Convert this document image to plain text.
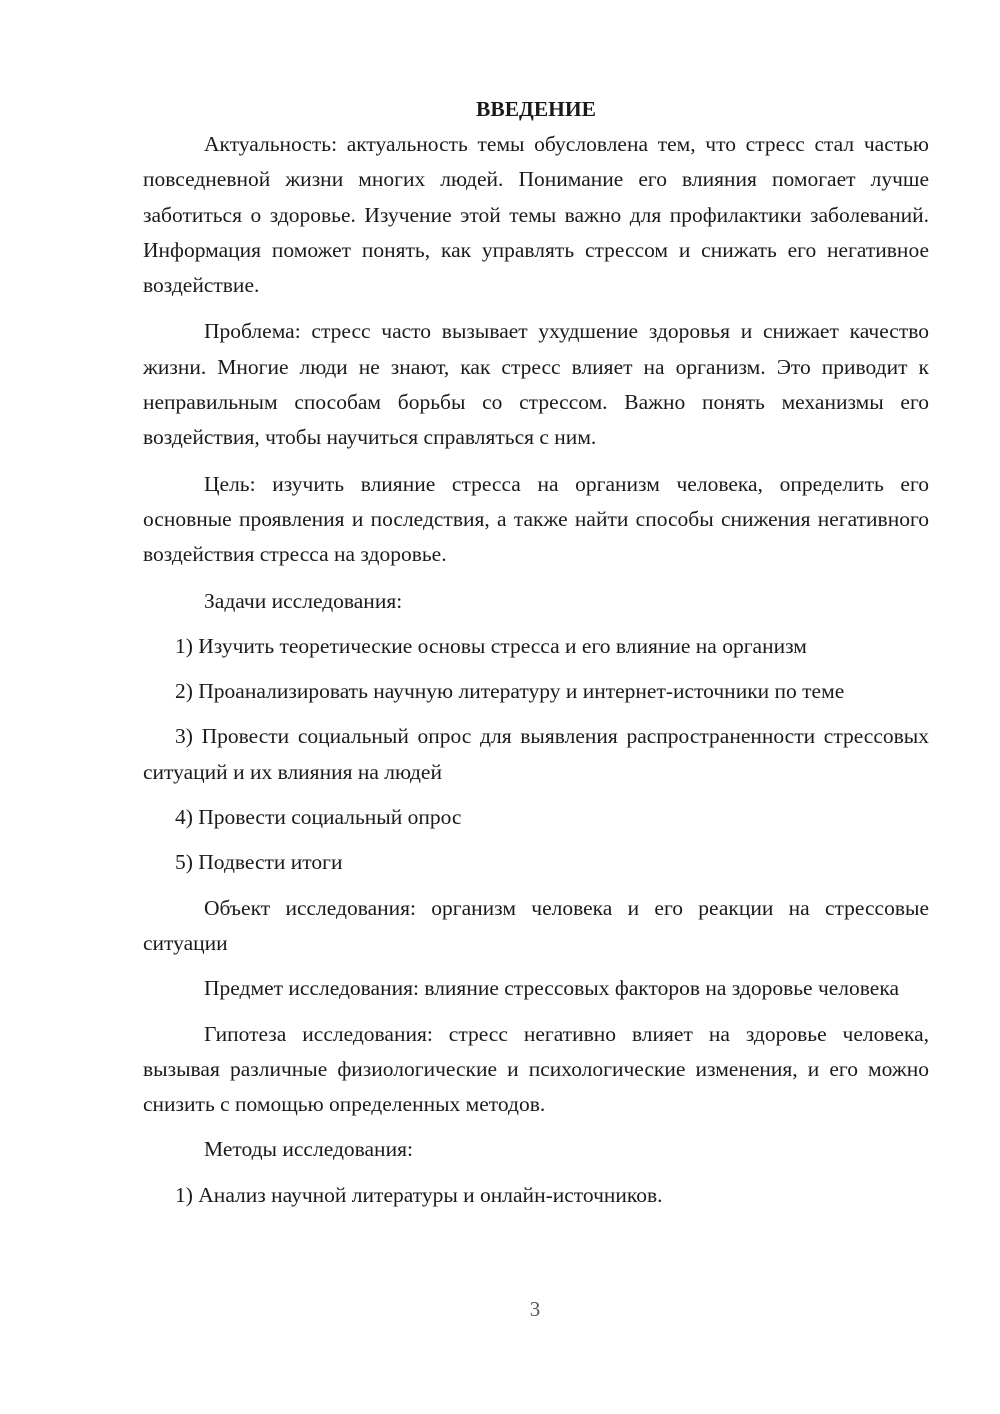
ВВЕДЕНИЕ

Актуальность: актуальность темы обусловлена тем, что стресс стал частью повседневной жизни многих людей. Понимание его влияния помогает лучше заботиться о здоровье. Изучение этой темы важно для профилактики заболеваний. Информация поможет понять, как управлять стрессом и снижать его негативное воздействие.

Проблема: стресс часто вызывает ухудшение здоровья и снижает качество жизни. Многие люди не знают, как стресс влияет на организм. Это приводит к неправильным способам борьбы со стрессом. Важно понять механизмы его воздействия, чтобы научиться справляться с ним.

Цель: изучить влияние стресса на организм человека, определить его основные проявления и последствия, а также найти способы снижения негативного воздействия стресса на здоровье.

Задачи исследования:

1) Изучить теоретические основы стресса и его влияние на организм

2) Проанализировать научную литературу и интернет-источники по теме

3) Провести социальный опрос для выявления распространенности стрессовых ситуаций и их влияния на людей

4) Провести социальный опрос

5) Подвести итоги

Объект исследования: организм человека и его реакции на стрессовые ситуации

Предмет исследования: влияние стрессовых факторов на здоровье человека

Гипотеза исследования: стресс негативно влияет на здоровье человека, вызывая различные физиологические и психологические изменения, и его можно снизить с помощью определенных методов.

Методы исследования:

1) Анализ научной литературы и онлайн-источников.

3
